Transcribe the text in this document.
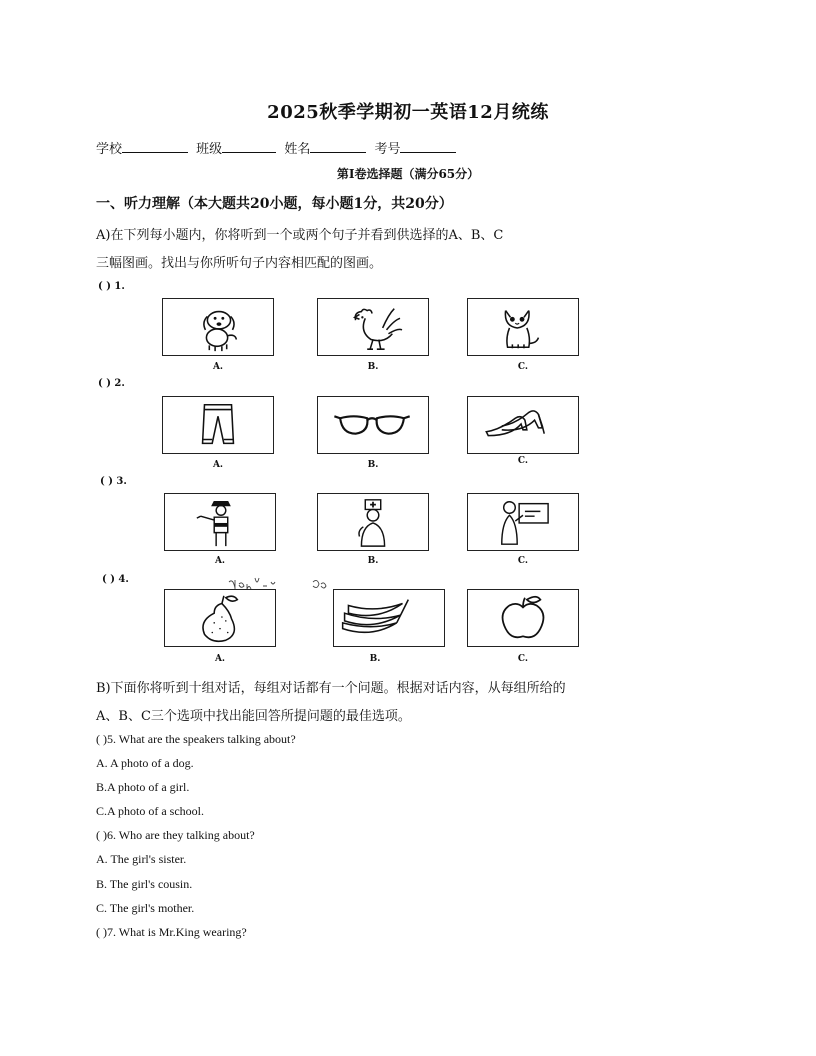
2025秋季学期初一英语12月统练
学校	班级	姓名	考号
第I卷选择题（满分65分）
一、听力理解（本大题共20小题，每小题1分，共20分）
A)在下列每小题内，你将听到一个或两个句子并看到供选择的A、B、C
三幅图画。找出与你所听句子内容相匹配的图画。
( ) 1.
A.	B.	C.
( ) 2.
A.	B.	C.
( ) 3.
A.	B.	C.
( ) 4.
A.	B.	C.
B)下面你将听到十组对话，每组对话都有一个问题。根据对话内容，从每组所给的
A、B、C三个选项中找出能回答所提问题的最佳选项。
( )5. What are the speakers talking about?
A. A photo of a dog.
B.A photo of a girl.
C.A photo of a school.
( )6. Who are they talking about?
A. The girl's sister.
B. The girl's cousin.
C. The girl's mother.
( )7. What is Mr.King wearing?
